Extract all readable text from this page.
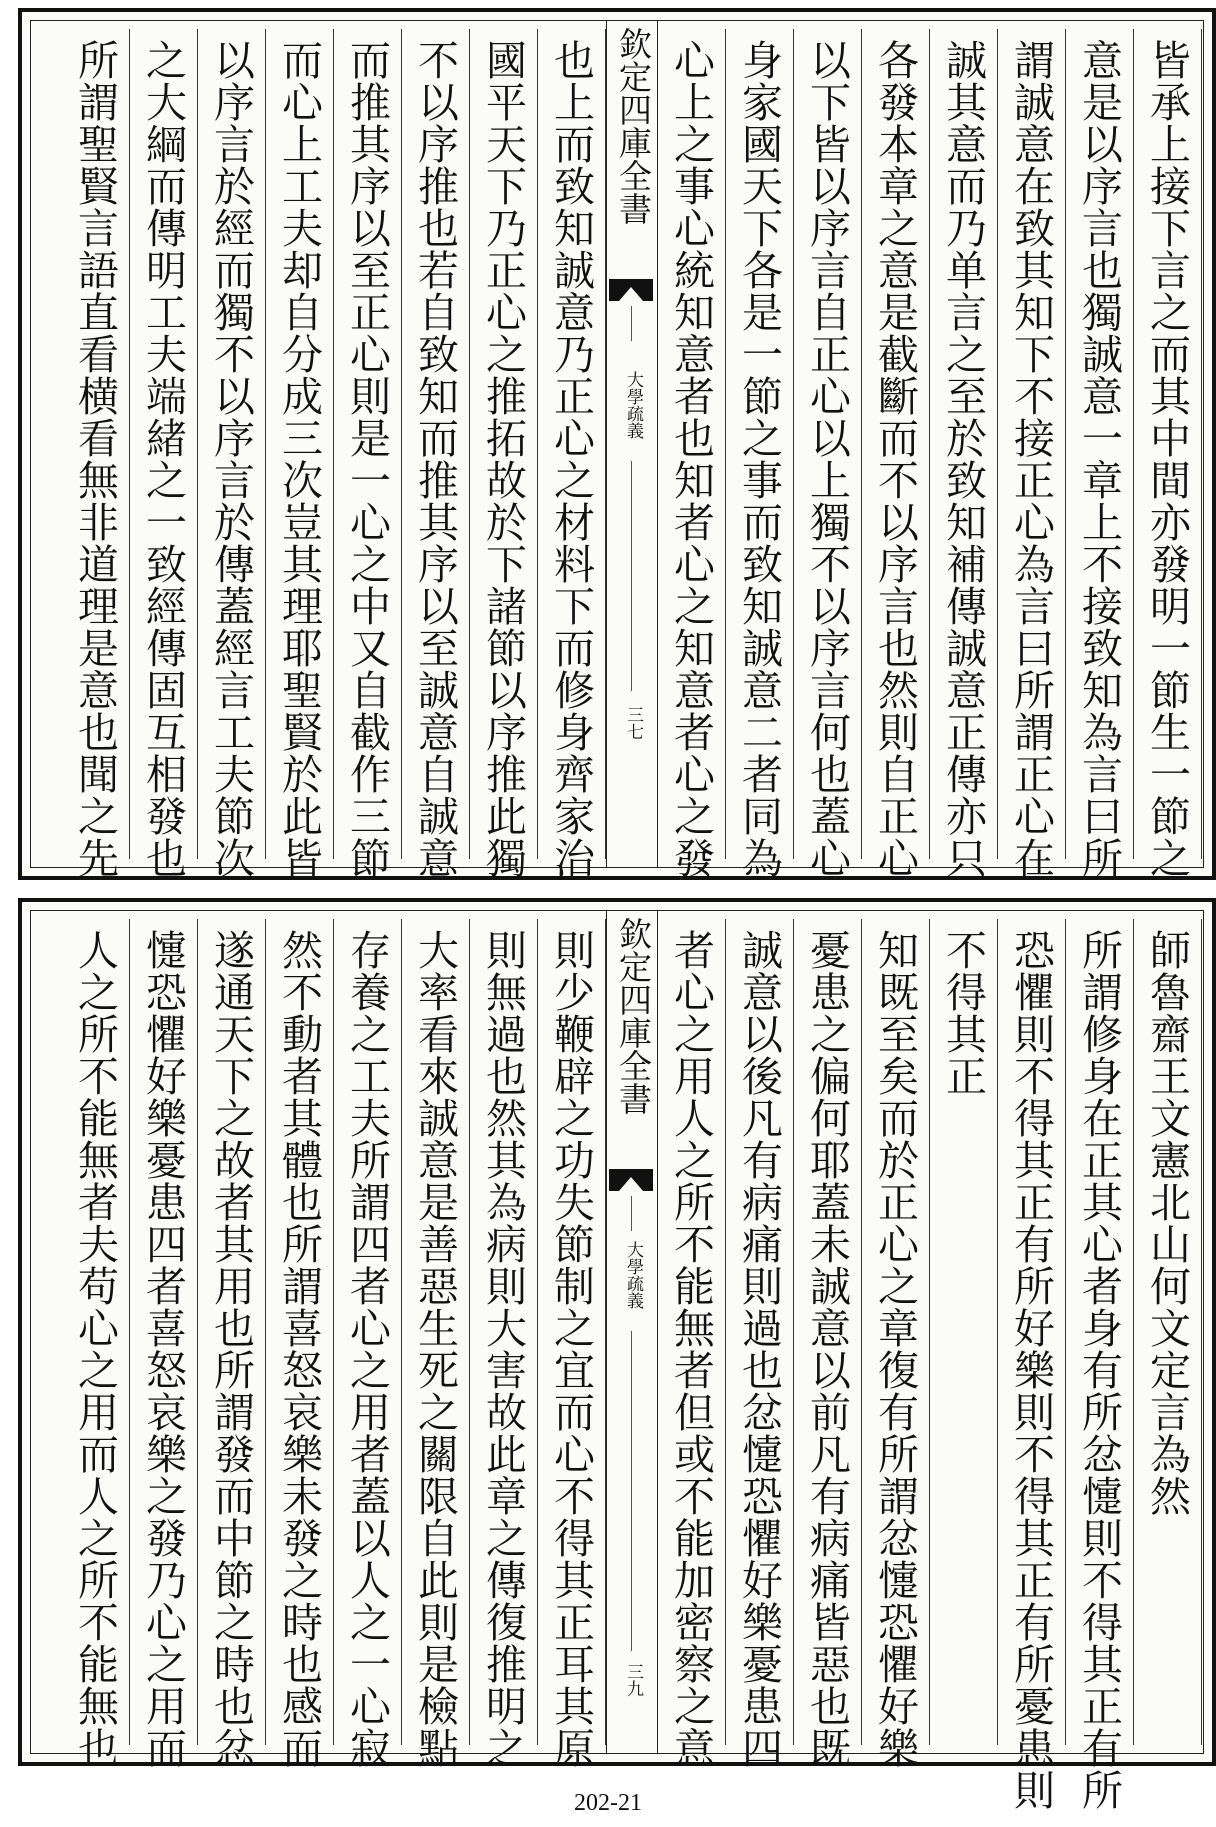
皆承上接下言之而其中間亦發明一節生一節之
意是以序言也獨誠意一章上不接致知為言曰所
謂誠意在致其知下不接正心為言曰所謂正心在
誠其意而乃单言之至於致知補傳誠意正傳亦只
各發本章之意是截斷而不以序言也然則自正心
以下皆以序言自正心以上獨不以序言何也蓋心
身家國天下各是一節之事而致知誠意二者同為
心上之事心統知意者也知者心之知意者心之發
欽定四庫全書
大學疏義
三七
也上而致知誠意乃正心之材料下而修身齊家治
國平天下乃正心之推拓故於下諸節以序推此獨
不以序推也若自致知而推其序以至誠意自誠意
而推其序以至正心則是一心之中又自截作三節
而心上工夫却自分成三次豈其理耶聖賢於此皆
以序言於經而獨不以序言於傳蓋經言工夫節次
之大綱而傳明工夫端緒之一致經傳固互相發也
所謂聖賢言語直看横看無非道理是意也聞之先
師魯齋王文憲北山何文定言為然
所謂修身在正其心者身有所忿懥則不得其正有所
恐懼則不得其正有所好樂則不得其正有所憂患則
不得其正
知既至矣而於正心之章復有所謂忿懥恐懼好樂
憂患之偏何耶蓋未誠意以前凡有病痛皆惡也既
誠意以後凡有病痛則過也忿懥恐懼好樂憂患四
者心之用人之所不能無者但或不能加密察之意
欽定四庫全書
大學疏義
三九
則少鞭辟之功失節制之宜而心不得其正耳其原
則無過也然其為病則大害故此章之傳復推明之
大率看來誠意是善惡生死之關限自此則是檢點
存養之工夫所謂四者心之用者蓋以人之一心寂
然不動者其體也所謂喜怒哀樂未發之時也感而
遂通天下之故者其用也所謂發而中節之時也忿
懥恐懼好樂憂患四者喜怒哀樂之發乃心之用而
人之所不能無者夫苟心之用而人之所不能無也
202-21
